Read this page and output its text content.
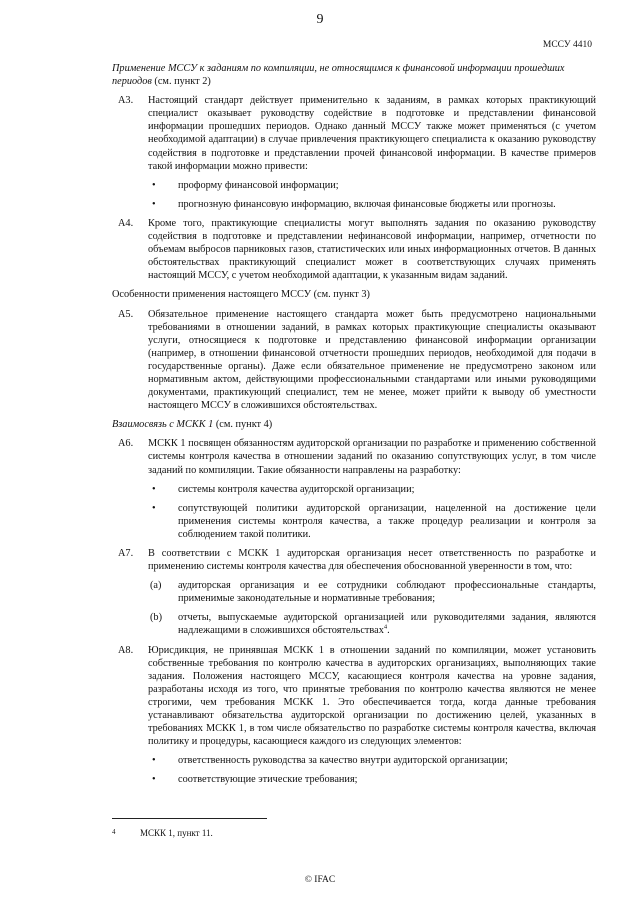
9
МССУ 4410

Применение МССУ к заданиям по компиляции, не относящимся к финансовой информации прошедших периодов (см. пункт 2)

A3. Настоящий стандарт действует применительно к заданиям, в рамках которых практикующий специалист оказывает руководству содействие в подготовке и представлении финансовой информации прошедших периодов. Однако данный МССУ также может применяться (с учетом необходимой адаптации) в случае привлечения практикующего специалиста к оказанию руководству содействия в подготовке и представлении прочей финансовой информации. В качестве примеров такой информации можно привести:
• проформу финансовой информации;
• прогнозную финансовую информацию, включая финансовые бюджеты или прогнозы.
A4. Кроме того, практикующие специалисты могут выполнять задания по оказанию руководству содействия в подготовке и представлении нефинансовой информации, например, отчетности по объемам выбросов парниковых газов, статистических или иных информационных отчетов. В данных обстоятельствах практикующий специалист может в соответствующих случаях применять настоящий МССУ, с учетом необходимой адаптации, к указанным видам заданий.

Особенности применения настоящего МССУ (см. пункт 3)

A5. Обязательное применение настоящего стандарта может быть предусмотрено национальными требованиями в отношении заданий, в рамках которых практикующие специалисты оказывают услуги, относящиеся к подготовке и представлению финансовой информации организации (например, в отношении финансовой отчетности прошедших периодов, необходимой для подачи в государственные органы). Даже если обязательное применение не предусмотрено законом или нормативным актом, действующими профессиональными стандартами или иными руководящими документами, практикующий специалист, тем не менее, может прийти к выводу об уместности настоящего МССУ в сложившихся обстоятельствах.

Взаимосвязь с МСКК 1 (см. пункт 4)

A6. МСКК 1 посвящен обязанностям аудиторской организации по разработке и применению собственной системы контроля качества в отношении заданий по оказанию сопутствующих услуг, в том числе заданий по компиляции. Такие обязанности направлены на разработку:
• системы контроля качества аудиторской организации;
• сопутствующей политики аудиторской организации, нацеленной на достижение цели применения системы контроля качества, а также процедур реализации и контроля за соблюдением такой политики.
A7. В соответствии с МСКК 1 аудиторская организация несет ответственность по разработке и применению системы контроля качества для обеспечения обоснованной уверенности в том, что:
(a) аудиторская организация и ее сотрудники соблюдают профессиональные стандарты, применимые законодательные и нормативные требования;
(b) отчеты, выпускаемые аудиторской организацией или руководителями задания, являются надлежащими в сложившихся обстоятельствах$^4$.
A8. Юрисдикция, не принявшая МСКК 1 в отношении заданий по компиляции, может установить собственные требования по контролю качества в аудиторских организациях, выполняющих такие задания. Положения настоящего МССУ, касающиеся контроля качества на уровне задания, разработаны исходя из того, что принятые требования по контролю качества являются не менее строгими, чем требования МСКК 1. Это обеспечивается тогда, когда данные требования устанавливают обязательства аудиторской организации по достижению целей, указанных в требованиях МСКК 1, в том числе обязательство по разработке системы контроля качества, включая политику и процедуры, касающиеся каждого из следующих элементов:
• ответственность руководства за качество внутри аудиторской организации;
• соответствующие этические требования;
4	МСКК 1, пункт 11.
© IFAC
